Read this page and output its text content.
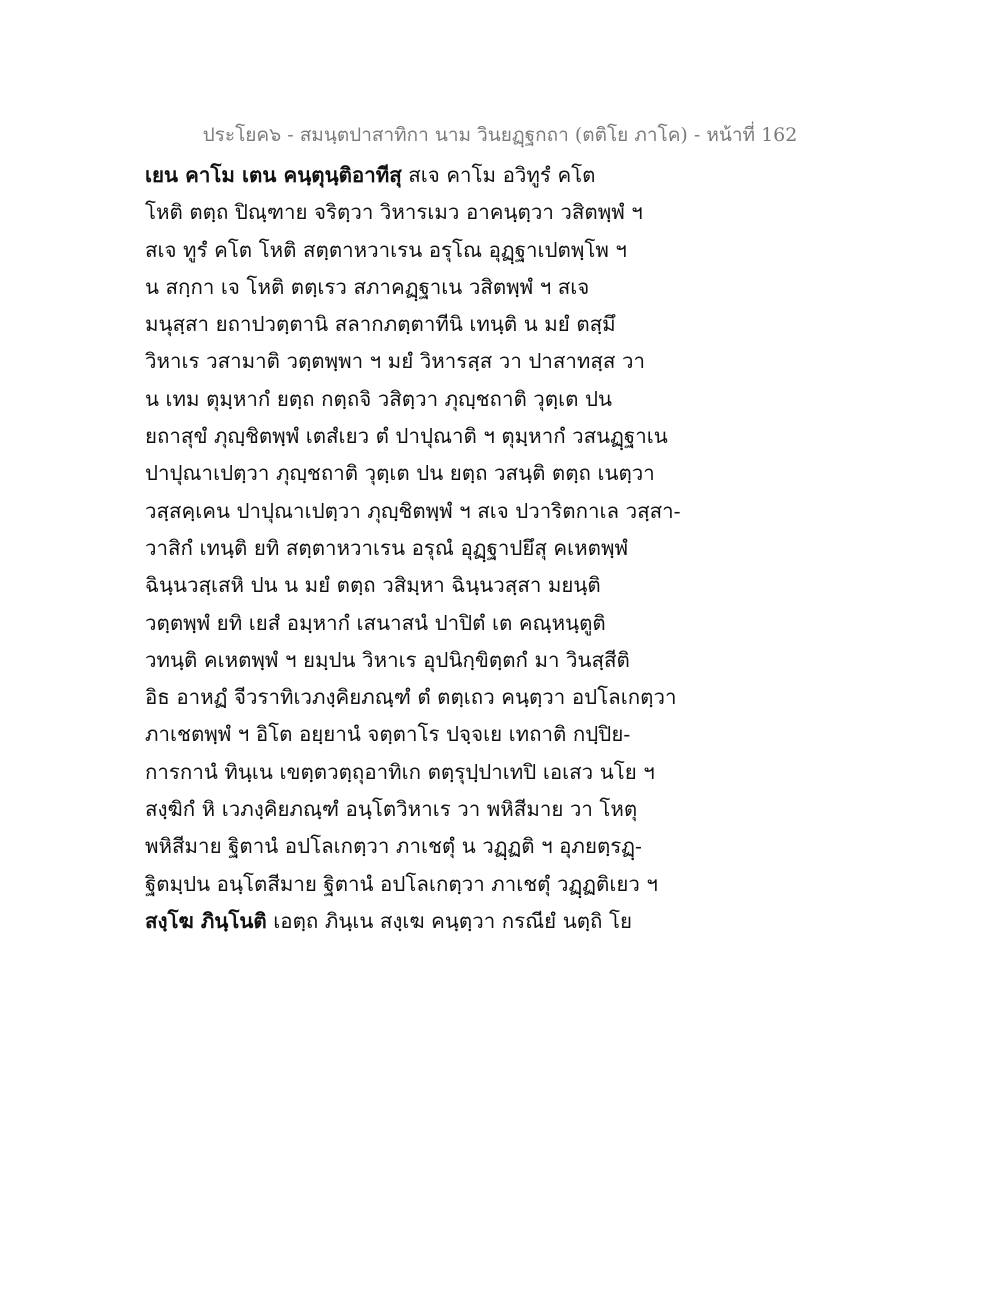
ประโยค๖ - สมนฺตปาสาทิกา นาม วินยฏฺฐกถา (ตติโย ภาโค) - หน้าที่ 162
เยน คาโม เตน คนฺตุนฺติอาทีสุ สเจ คาโม อวิทูรํ คโต
โหติ ตตฺถ ปิณฺฑาย จริตฺวา วิหารเมว อาคนฺตฺวา วสิตพฺพํ ฯ
สเจ ทูรํ คโต โหติ สตฺตาหวาเรน อรุโณ อุฏฺฐาเปตพฺโพ ฯ
น สกฺกา เจ โหติ ตตฺเรว สภาคฏฺฐาเน วสิตพฺพํ ฯ สเจ
มนุสฺสา ยถาปวตฺตานิ สลากภตฺตาทีนิ เทนฺติ น มยํ ตสฺมึ
วิหาเร วสามาติ วตฺตพฺพา ฯ มยํ วิหารสฺส วา ปาสาทสฺส วา
น เทม ตุมฺหากํ ยตฺถ กตฺถจิ วสิตฺวา ภุญฺชถาติ วุตฺเต ปน
ยถาสุขํ ภุญฺชิตพฺพํ เตสํเยว ตํ ปาปุณาติ ฯ ตุมฺหากํ วสนฏฺฐาเน
ปาปุณาเปตฺวา ภุญฺชถาติ วุตฺเต ปน ยตฺถ วสนฺติ ตตฺถ เนตฺวา
วสฺสคฺเคน ปาปุณาเปตฺวา ภุญฺชิตพฺพํ ฯ สเจ ปวาริตกาเล วสฺสา-
วาสิกํ เทนฺติ ยทิ สตฺตาหวาเรน อรุณํ อุฏฺฐาปยึสุ คเหตพฺพํ
ฉินฺนวสฺเสหิ ปน น มยํ ตตฺถ วสิมฺหา ฉินฺนวสฺสา มยนฺติ
วตฺตพฺพํ ยทิ เยสํ อมฺหากํ เสนาสนํ ปาปิตํ เต คณฺหนฺตูติ
วทนฺติ คเหตพฺพํ ฯ ยมฺปน วิหาเร อุปนิกฺขิตฺตกํ มา วินสฺสีติ
อิธ อาหฏํ จีวราทิเวภงฺคิยภณฺฑํ ตํ ตตฺเถว คนฺตฺวา อปโลเกตฺวา
ภาเชตพฺพํ ฯ อิโต อยฺยานํ จตฺตาโร ปจฺจเย เทถาติ กปฺปิย-
การกานํ ทินฺเน เขตฺตวตฺถุอาทิเก ตตฺรุปฺปาเทปิ เอเสว นโย ฯ
สงฺฆิกํ หิ เวภงฺคิยภณฺฑํ อนฺโตวิหาเร วา พหิสีมาย วา โหตุ
พหิสีมาย ฐิตานํ อปโลเกตฺวา ภาเชตุํ น วฏฺฏติ ฯ อุภยตฺรฏฺ-
ฐิตมฺปน อนฺโตสีมาย ฐิตานํ อปโลเกตฺวา ภาเชตุํ วฏฺฏติเยว ฯ
สงฺโฆ ภินฺโนติ เอตฺถ ภินฺเน สงฺเฆ คนฺตฺวา กรณียํ นตฺถิ โย
